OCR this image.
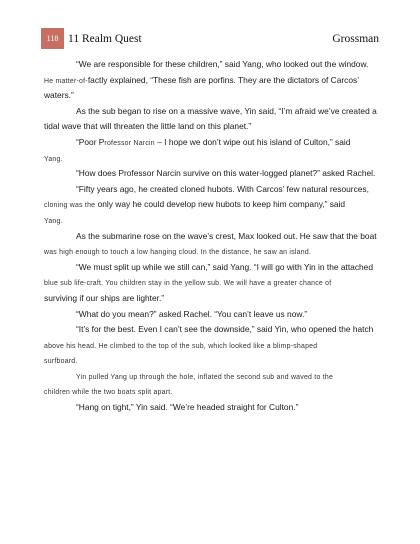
118 11 Realm Quest	Grossman
“We are responsible for these children,” said Yang, who looked out the window.
He matter-of-factly explained, “These fish are porfins. They are the dictators of Carcos’
waters.”
As the sub began to rise on a massive wave, Yin said, “I’m afraid we’ve created a
tidal wave that will threaten the little land on this planet.”
“Poor Professor Narcin – I hope we don’t wipe out his island of Culton,” said
Yang.
“How does Professor Narcin survive on this water-logged planet?” asked Rachel.
“Fifty years ago, he created cloned hubots. With Carcos’ few natural resources,
cloning was the only way he could develop new hubots to keep him company,” said
Yang.
As the submarine rose on the wave’s crest, Max looked out. He saw that the boat
was high enough to touch a low hanging cloud. In the distance, he saw an island.
“We must split up while we still can,” said Yang. “I will go with Yin in the attached
blue sub life-craft. You children stay in the yellow sub. We will have a greater chance of
surviving if our ships are lighter.”
“What do you mean?” asked Rachel. “You can’t leave us now.”
“It’s for the best. Even I can’t see the downside,” said Yin, who opened the hatch
above his head. He climbed to the top of the sub, which looked like a blimp-shaped
surfboard.
Yin pulled Yang up through the hole, inflated the second sub and waved to the
children while the two boats split apart.
“Hang on tight,” Yin said. “We’re headed straight for Culton.”
